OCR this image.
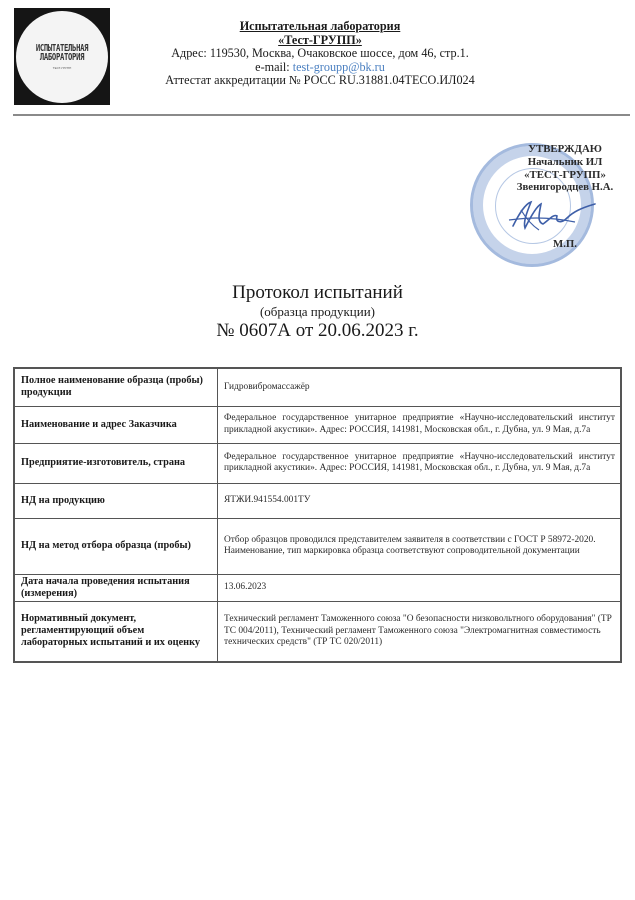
ИСПЫТАТЕЛЬНАЯ
ЛАБОРАТОРИЯ
ТЕСТ-ГРУПП
Испытательная лаборатория
«Тест-ГРУПП»
Адрес: 119530, Москва, Очаковское шоссе, дом 46, стр.1.
e-mail: test-groupp@bk.ru
Аттестат аккредитации № РОСС RU.31881.04ТЕСО.ИЛ024
УТВЕРЖДАЮ
Начальник ИЛ
«ТЕСТ-ГРУПП»
Звенигородцев Н.А.
М.П.
Протокол испытаний
(образца продукции)
№ 0607А от 20.06.2023 г.
Полное наименование образца (пробы) продукции	Гидровибромассажёр
Наименование и адрес Заказчика	Федеральное государственное унитарное предприятие «Научно-исследовательский институт прикладной акустики». Адрес: РОССИЯ, 141981, Московская обл., г. Дубна, ул. 9 Мая, д.7а
Предприятие-изготовитель, страна	Федеральное государственное унитарное предприятие «Научно-исследовательский институт прикладной акустики». Адрес: РОССИЯ, 141981, Московская обл., г. Дубна, ул. 9 Мая, д.7а
НД на продукцию	ЯТЖИ.941554.001ТУ
НД на метод отбора образца (пробы)	Отбор образцов проводился представителем заявителя в соответствии с ГОСТ Р 58972-2020.
Наименование, тип маркировка образца соответствуют сопроводительной документации

Дата начала проведения испытания (измерения)	13.06.2023
Нормативный документ, регламентирующий объем лабораторных испытаний и их оценку	Технический регламент Таможенного союза "О безопасности низковольтного оборудования" (ТР ТС 004/2011), Технический регламент Таможенного союза "Электромагнитная совместимость технических средств" (ТР ТС 020/2011)
